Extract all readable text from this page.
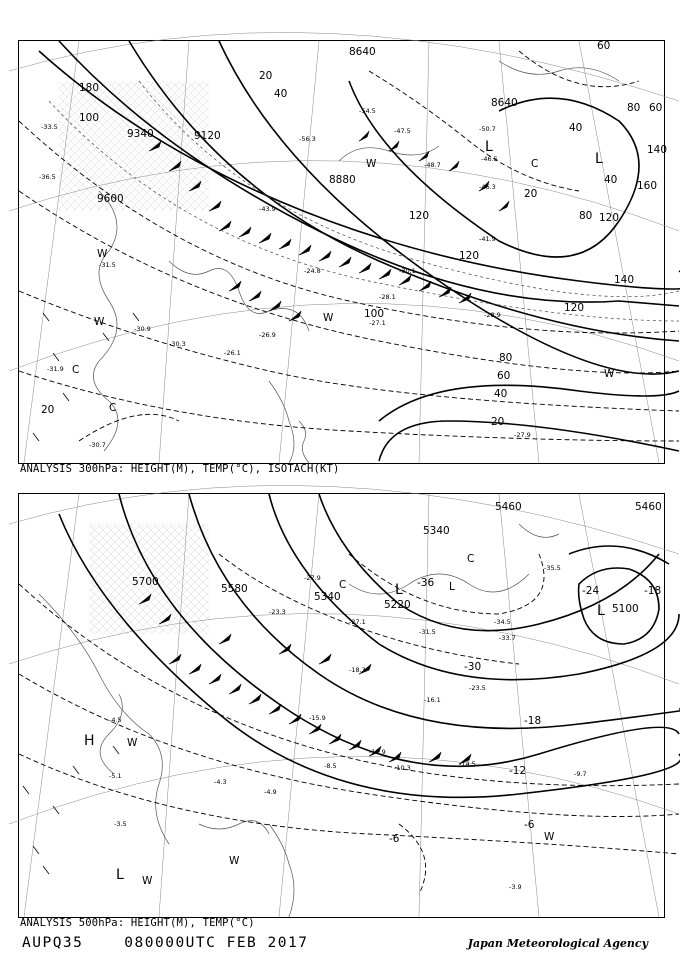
-50.7
-46.5
-46.3
-48.7
-47.5
-54.5
-56.3
-41.9
-43.9
-28.1
-27.1
-26.9
-27.9
-31.5
-30.9
-30.3
-31.9
-30.7
-33.5
-36.5
-24.8
-26.1
-28.9
-30.1
8640
8640
9120
9340
9600
8880
20
40
60
80
100
120
140
160
180
120
100
80
60
40
20
40
60
80
120
140
120
40
20
20
L
L
C
C
W
W
W
W
C
W
ANALYSIS 300hPa: HEIGHT(M), TEMP(°C), ISOTACH(KT)
-3.9
-4.5
-5.1
-3.5
-4.3
-8.5	-10.3
-11.9
-14.5
-9.7
-34.5
-33.7
-35.5
-31.5
-23.5
-27.1
-16.1
-15.9
-4.9
-27.9
-23.3
-18.3
5700
5340
5220	5100
5460
5340
5580
5460
-36
-24
-18
-12
-6
-18
-6
-30
L
L
L
C
C
W
W
W
H
W
L
ANALYSIS 500hPa: HEIGHT(M), TEMP(°C)
AUPQ35    080000UTC FEB 2017	Japan Meteorological Agency
